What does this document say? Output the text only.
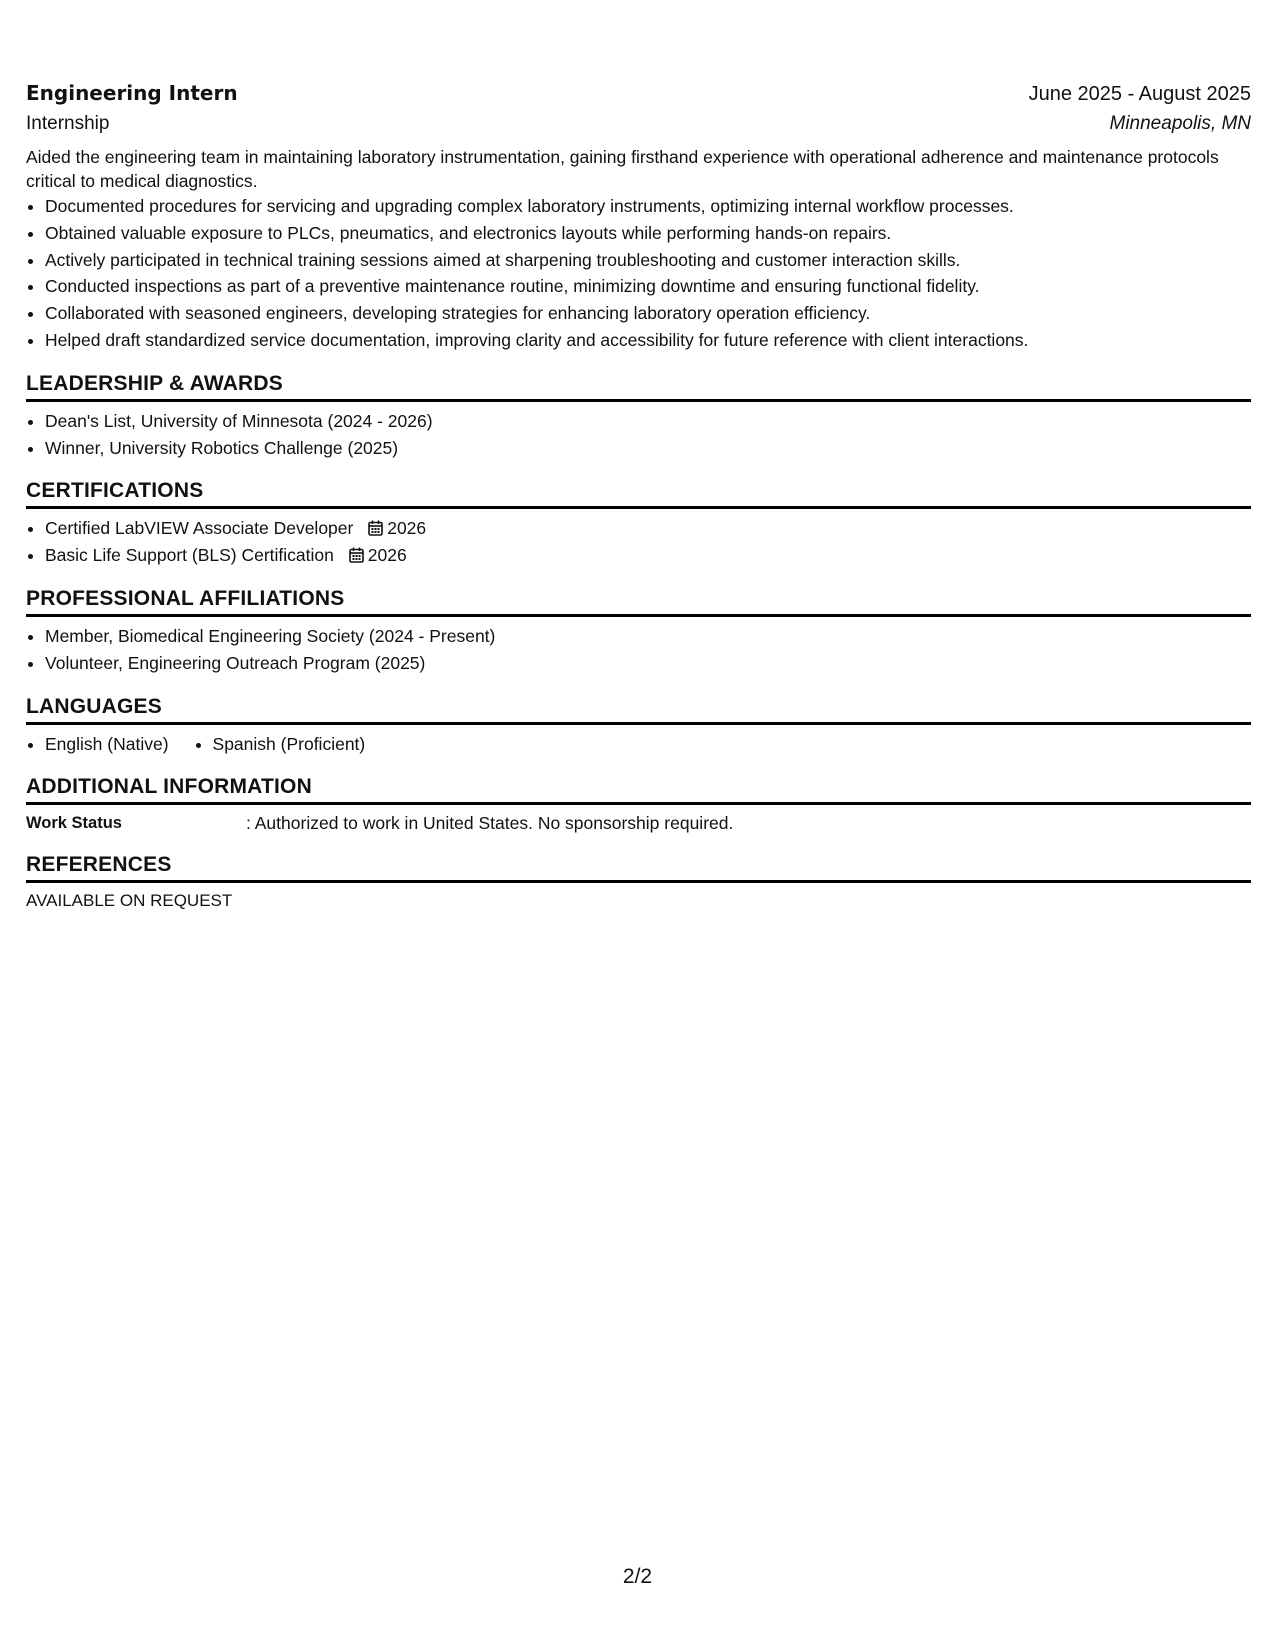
Engineering Intern	June 2025 - August 2025
Internship	Minneapolis, MN
Aided the engineering team in maintaining laboratory instrumentation, gaining firsthand experience with operational adherence and maintenance protocols critical to medical diagnostics.
• Documented procedures for servicing and upgrading complex laboratory instruments, optimizing internal workflow processes.
• Obtained valuable exposure to PLCs, pneumatics, and electronics layouts while performing hands-on repairs.
• Actively participated in technical training sessions aimed at sharpening troubleshooting and customer interaction skills.
• Conducted inspections as part of a preventive maintenance routine, minimizing downtime and ensuring functional fidelity.
• Collaborated with seasoned engineers, developing strategies for enhancing laboratory operation efficiency.
• Helped draft standardized service documentation, improving clarity and accessibility for future reference with client interactions.
LEADERSHIP & AWARDS
• Dean's List, University of Minnesota (2024 - 2026)
• Winner, University Robotics Challenge (2025)
CERTIFICATIONS
• Certified LabVIEW Associate Developer 2026
• Basic Life Support (BLS) Certification 2026
PROFESSIONAL AFFILIATIONS
• Member, Biomedical Engineering Society (2024 - Present)
• Volunteer, Engineering Outreach Program (2025)
LANGUAGES
• English (Native)
•	Spanish (Proficient)
ADDITIONAL INFORMATION
Work Status	: Authorized to work in United States. No sponsorship required.
REFERENCES
AVAILABLE ON REQUEST
2/2
